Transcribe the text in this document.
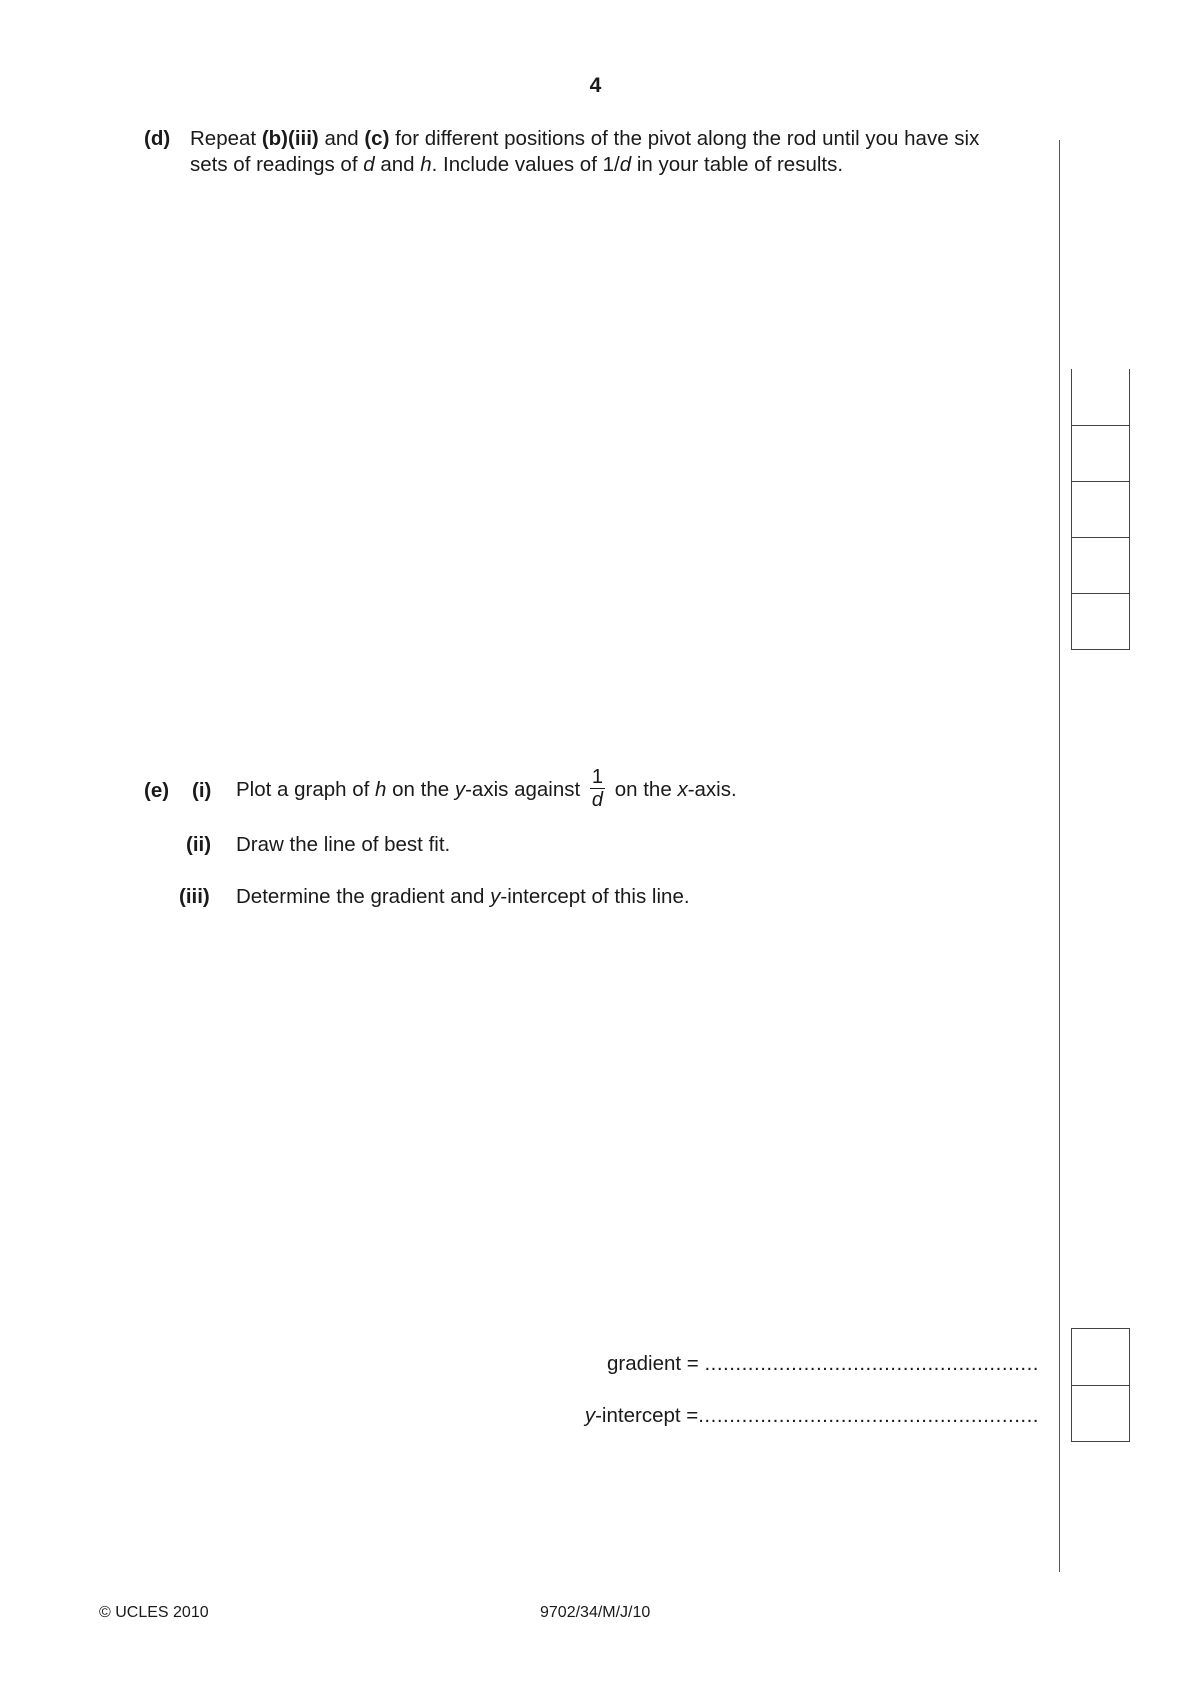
4
(d) Repeat (b)(iii) and (c) for different positions of the pivot along the rod until you have six
sets of readings of d and h. Include values of 1/d in your table of results.
(e) (i) Plot a graph of h on the y-axis against $\frac{1}{d}$ on the x-axis.
(ii) Draw the line of best fit.
(iii) Determine the gradient and y-intercept of this line.
gradient = ......................................................
y-intercept =.......................................................
© UCLES 2010	9702/34/M/J/10
